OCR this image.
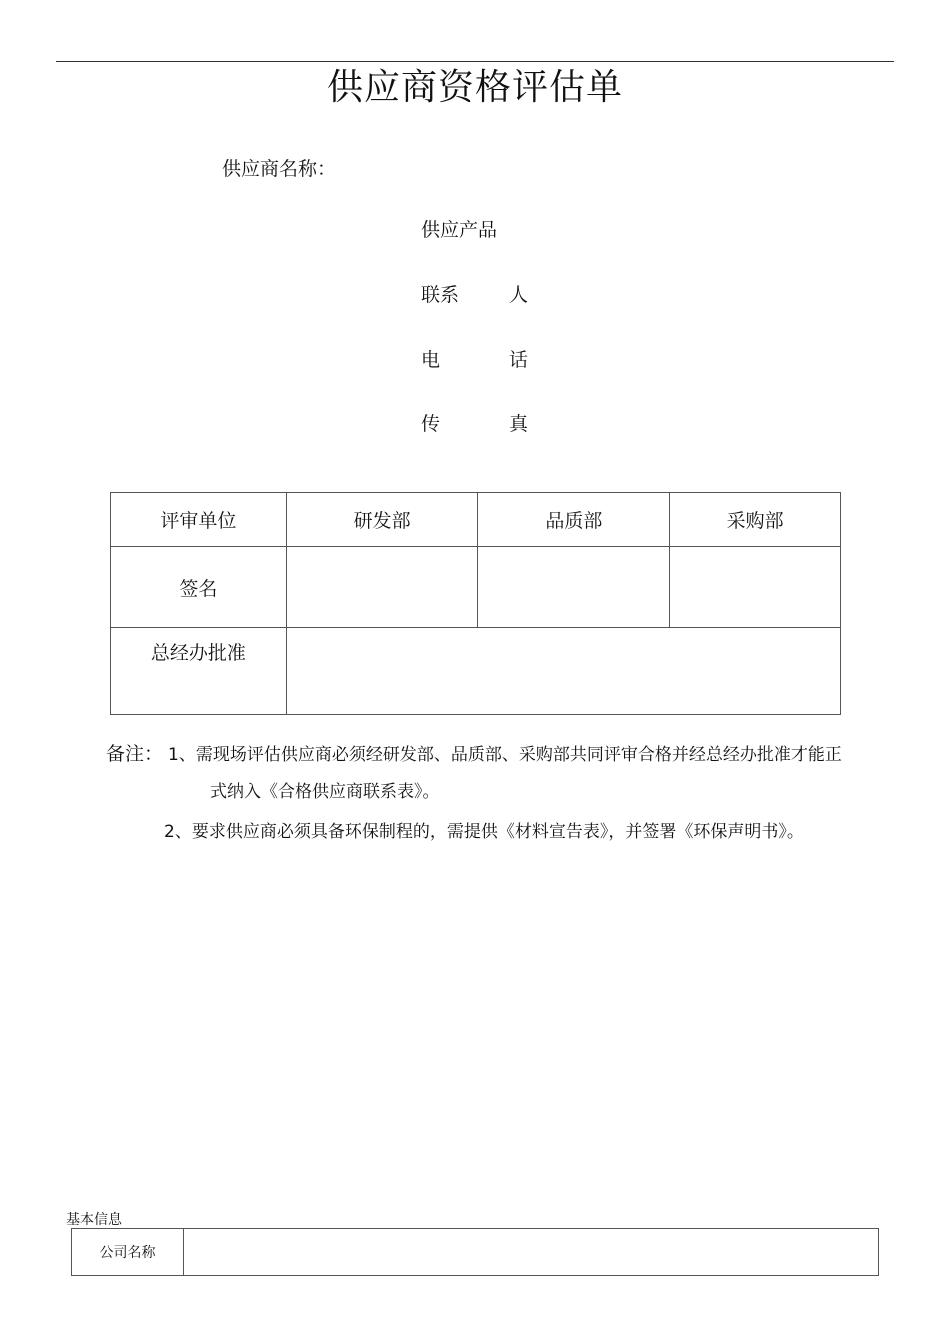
供应商资格评估单
供应商名称：
供应产品
联系	人
电	话
传	真
评审单位	研发部	品质部	采购部
签名			
总经办批准			
备注： 1、需现场评估供应商必须经研发部、品质部、采购部共同评审合格并经总经办批准才能正
式纳入《合格供应商联系表》。
2、要求供应商必须具备环保制程的，需提供《材料宣告表》，并签署《环保声明书》。
基本信息
公司名称	
